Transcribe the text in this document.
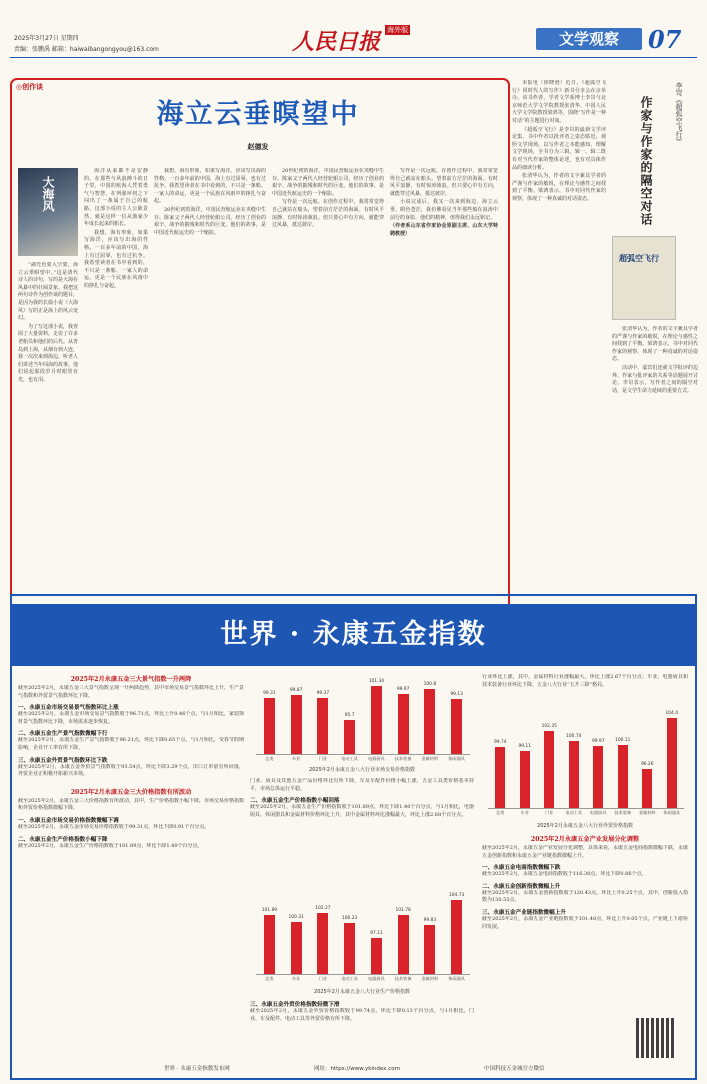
2025年3月27日 星期四
责编：张鹏禹 邮箱：haiwaibangongyou@163.com	人民日报 $^{海外版}$	文学观察	07
◎创作谈
海立云垂暝望中
赵德发
大海风

“湖光色蒙入空蒙，海立云垂暝望中。”这是清代诗人的诗句，写的是大海在风暴中的壮阔景象。我把这两句诗作为创作谈的题目，是因为我的长篇小说《大海风》写的正是海上的风云变幻。

为了写这部小说，我查阅了大量资料，走访了许多老船员和他们的后代。从青岛到上海，从烟台到大连，我一次次来到海边，听老人们讲述当年闯海的故事。他们说起那段岁月时眼里有光，也有泪。

海洋从来都不是安静的。在那些与风浪搏斗的日子里，中国的航海人凭着勇气与智慧，在列强环伺之下闯出了一条属于自己的航路。这部小说的主人公陈景然，就是这样一位从渔家少年成长起来的船长。

我想，海有形象，如果写海洋，应该写出海的性格。一百多年前的中国，海上有过屈辱，也有过抗争。我希望读者在书中看到的，不只是一条船、一家人的命运，更是一个民族在风雨中的挣扎与奋起。

我想，海有形象，如果写海洋，应该写出海的性格。一百多年前的中国，海上有过屈辱，也有过抗争。我希望读者在书中看到的，不只是一条船、一家人的命运，更是一个民族在风雨中的挣扎与奋起。

20世纪初的海洋，中国民营航运业在夹缝中生存。陈家父子两代人经营轮船公司，经历了创业的艰辛、战争的摧残和时代的巨变。他们的故事，是中国近代航运史的一个缩影。

20世纪初的海洋，中国民营航运业在夹缝中生存。陈家父子两代人经营轮船公司，经历了创业的艰辛、战争的摧残和时代的巨变。他们的故事，是中国近代航运史的一个缩影。

写作是一次远航。在创作过程中，我常常觉得自己就站在船头，望着前方茫茫的海面。有时风平浪静，有时惊涛骇浪。但只要心中有方向，就能穿过风暴，抵达彼岸。

写作是一次远航。在创作过程中，我常常觉得自己就站在船头，望着前方茫茫的海面。有时风平浪静，有时惊涛骇浪。但只要心中有方向，就能穿过风暴，抵达彼岸。

小说完成后，我又一次来到海边。海立云垂，暝色苍茫，我仿佛看见当年那些船在浪涛中前行的身影。他们的精神，值得我们永远铭记。

（作者系山东省作家协会原副主席、山东大学特聘教授）

本报电（徐晓澄）近日，《超弧空飞行》同时代人的写作》新书分享会在京举办。该书作者、学者文学系博士李岢与北京师范大学文学院教授张清华、中国人民大学文学院教授梁鸿等，围绕“写作是一种对话”的主题进行对谈。

《超弧空飞行》是李岢的最新文学评论集，书中作者以批评者之姿态贴近、观照文学现场，以写作者之本能感知、理解文学现场，全书分为三辑，辑一、辑二既有对当代作家的整体论述，也有对具体作品的细读分析。

张清华认为，作者的文字兼具学者的严谨与作家的敏锐，在理论与感性之间找到了平衡。梁鸿表示，书中对同代作家的观察，体现了一种真诚的对话姿态。

李岢《超弧空飞行》
作家与作家的隔空对话
超弧空飞行

张清华认为，作者的文字兼具学者的严谨与作家的敏锐，在理论与感性之间找到了平衡。梁鸿表示，书中对同代作家的观察，体现了一种真诚的对话姿态。

活动中，嘉宾们还就文学批评的边界、作家与批评家的关系等话题展开讨论。李岢表示，写作者之间的隔空对话，是文学生命力延续的重要方式。

世界 · 永康五金指数
2025年2月永康五金三大景气指数一升两降
截至2025年2月，永康五金三大景气指数呈现一升两降趋势，其中市场交易景气指数环比上升，生产景气指数和外贸景气指数环比下降。
一、永康五金市场交易景气指数环比上涨
截至2025年2月，永康五金市场交易景气指数收于96.71点，环比上升0.46个点，与1月相比，家装饰材景气指数环比下降，市场需求逐步恢复。
二、永康五金生产景气指数微幅下行
截至2025年2月，永康五金生产景气指数收于96.21点，环比下降0.65个点，与1月相比，受春节假期影响，企业开工率有所下降。
三、永康五金外贸景气指数环比下跌
截至2025年2月，永康五金外贸景气指数收于93.54点，环比下降3.29个点，出口订单量有所回落，外贸企业正积极开拓新兴市场。
2025年2月永康五金三大价格指数有所波动
截至2025年2月，永康五金三大价格指数有所波动，其中，生产价格指数小幅下降，市场交易价格指数和外贸价格指数微幅下降。
一、永康五金市场交易价格指数微幅下调
截至2025年2月，永康五金市场交易价格指数收于99.31点，环比下降0.91个百分点。
二、永康五金生产价格指数小幅下降
截至2025年2月，永康五金生产价格指数收于101.89点，环比下降1.40个百分点。
99.31
总类
99.87
车业
99.37
门业
95.7
电动工具
101.34
电器厨具
99.97
技术装备
100.8
金属材料
99.13
休闲器具
2025年2月永康五金八大行业市场交易价格指数
门业、厨具及其他五金产品价格环比有所下降，车及车配件价格小幅上涨，五金工具类价格基本持平，市场总体运行平稳。
二、永康五金生产价格指数小幅回落
截至2025年2月，永康五金生产价格指数收于101.89点，环比下降1.40个百分点，与1月相比，电器厨具、休闲器具和金属材料价格环比上升，其中金属材料环比涨幅最大，环比上涨2.68个百分点。
101.89
总类
100.31
车业
102.27
门业
100.23
电动工具
97.11
电器厨具
101.78
技术装备
99.83
金属材料
104.73
休闲器具
2025年2月永康五金八大行业生产价格指数
三、永康五金外贸价格指数轻微下滑
截至2025年2月，永康五金外贸价格指数收于99.74点，环比下降0.13个百分点，与1月相比，门业、车及配件、电动工具等外贸价格有所下降。
行业环比上涨，其中，金属材料行业涨幅最大，环比上涨2.67个百分点；车业、电器厨具和技术装备行业环比下降，五金八大行业“五升三降”格局。
99.74
总类
99.11
车业
102.35
门业
100.74
电动工具
99.97
电器厨具
100.11
技术装备
96.26
金属材料
104.4
休闲器具
2025年2月永康五金八大行业外贸价格指数
2025年2月永康五金产业发展分化调整
截至2025年2月，永康五金产业发展分化调整，具体来看，永康五金电商指数微幅下跌，永康五金创新指数和永康五金产业链指数微幅上升。
一、永康五金电商指数微幅下跌
截至2025年2月，永康五金电商指数收于116.30点，环比下降0.86个点。
二、永康五金创新指数微幅上升
截至2025年2月，永康五金创新指数收于120.43点，环比上升0.25个点，其中，创新投入指数为130.55点。
三、永康五金产业链指数微幅上升
截至2025年2月，永康五金产业链指数收于101.48点，环比上升0.05个点，产业链上下游协同发展。
世界 · 永康五金指数发布网	网址：https://www.ykindex.com	中国科技五金城官方微信
